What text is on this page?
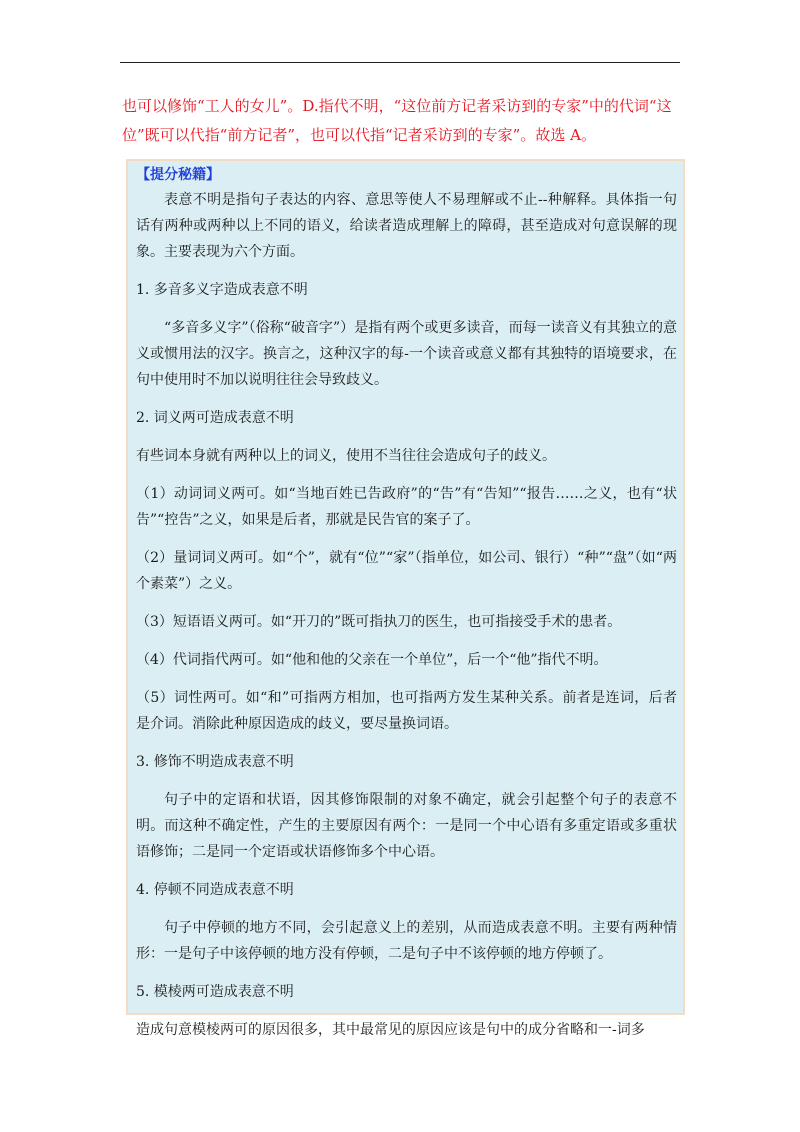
也可以修饰“工人的女儿”。D.指代不明，“这位前方记者采访到的专家”中的代词“这

位”既可以代指“前方记者”，也可以代指“记者采访到的专家”。故选 A。

【提分秘籍】

表意不明是指句子表达的内容、意思等使人不易理解或不止--种解释。具体指一句话有两种或两种以上不同的语义，给读者造成理解上的障碍，甚至造成对句意误解的现象。主要表现为六个方面。

1. 多音多义字造成表意不明

“多音多义字”（俗称“破音字”）是指有两个或更多读音，而每一读音义有其独立的意义或惯用法的汉字。换言之，这种汉字的每-一个读音或意义都有其独特的语境要求，在句中使用时不加以说明往往会导致歧义。

2. 词义两可造成表意不明

有些词本身就有两种以上的词义，使用不当往往会造成句子的歧义。

（1）动词词义两可。如“当地百姓已告政府”的“告”有“告知”“报告……之义，也有“状告”“控告”之义，如果是后者，那就是民告官的案子了。

（2）量词词义两可。如“个”，就有“位”“家”（指单位，如公司、银行）“种”“盘”（如“两个素菜”）之义。

（3）短语语义两可。如“开刀的”既可指执刀的医生，也可指接受手术的患者。

（4）代词指代两可。如“他和他的父亲在一个单位”，后一个“他”指代不明。

（5）词性两可。如“和”可指两方相加，也可指两方发生某种关系。前者是连词，后者是介词。消除此种原因造成的歧义，要尽量换词语。

3. 修饰不明造成表意不明

句子中的定语和状语，因其修饰限制的对象不确定，就会引起整个句子的表意不明。而这种不确定性，产生的主要原因有两个：一是同一个中心语有多重定语或多重状语修饰；二是同一个定语或状语修饰多个中心语。

4. 停顿不同造成表意不明

句子中停顿的地方不同，会引起意义上的差别，从而造成表意不明。主要有两种情形：一是句子中该停顿的地方没有停顿，二是句子中不该停顿的地方停顿了。

5. 模棱两可造成表意不明

造成句意模棱两可的原因很多，其中最常见的原因应该是句中的成分省略和一-词多
